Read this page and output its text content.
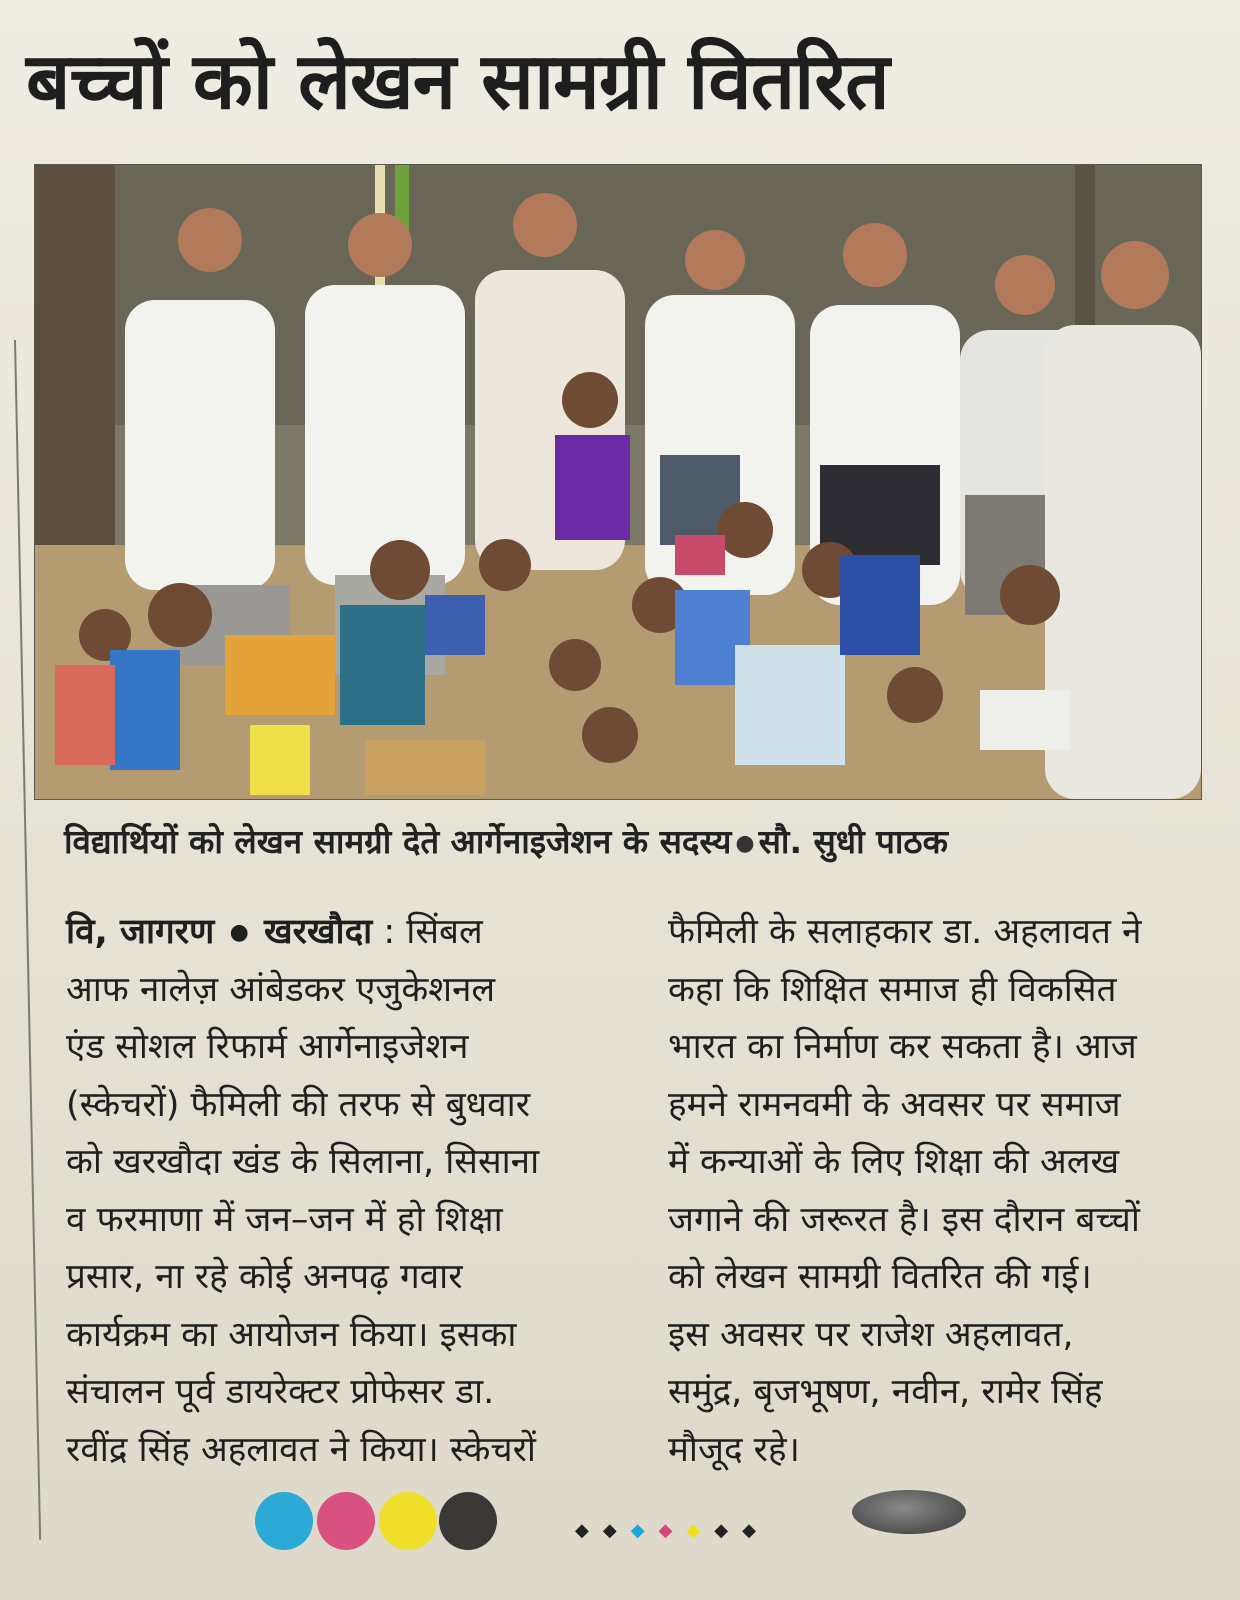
बच्चों को लेखन सामग्री वितरित

विद्यार्थियों को लेखन सामग्री देते आर्गेनाइजेशन के सदस्य ● सौ. सुधी पाठक

वि, जागरण ● खरखौदा : सिंबल
आफ नालेज़ आंबेडकर एजुकेशनल
एंड सोशल रिफार्म आर्गेनाइजेशन
(स्केचरों) फैमिली की तरफ से बुधवार
को खरखौदा खंड के सिलाना, सिसाना
व फरमाणा में जन–जन में हो शिक्षा
प्रसार, ना रहे कोई अनपढ़ गवार
कार्यक्रम का आयोजन किया। इसका
संचालन पूर्व डायरेक्टर प्रोफेसर डा.
रवींद्र सिंह अहलावत ने किया। स्केचरों
फैमिली के सलाहकार डा. अहलावत ने
कहा कि शिक्षित समाज ही विकसित
भारत का निर्माण कर सकता है। आज
हमने रामनवमी के अवसर पर समाज
में कन्याओं के लिए शिक्षा की अलख
जगाने की जरूरत है। इस दौरान बच्चों
को लेखन सामग्री वितरित की गई।
इस अवसर पर राजेश अहलावत,
समुंद्र, बृजभूषण, नवीन, रामेर सिंह
मौजूद रहे।
◆◆◆◆◆◆◆
